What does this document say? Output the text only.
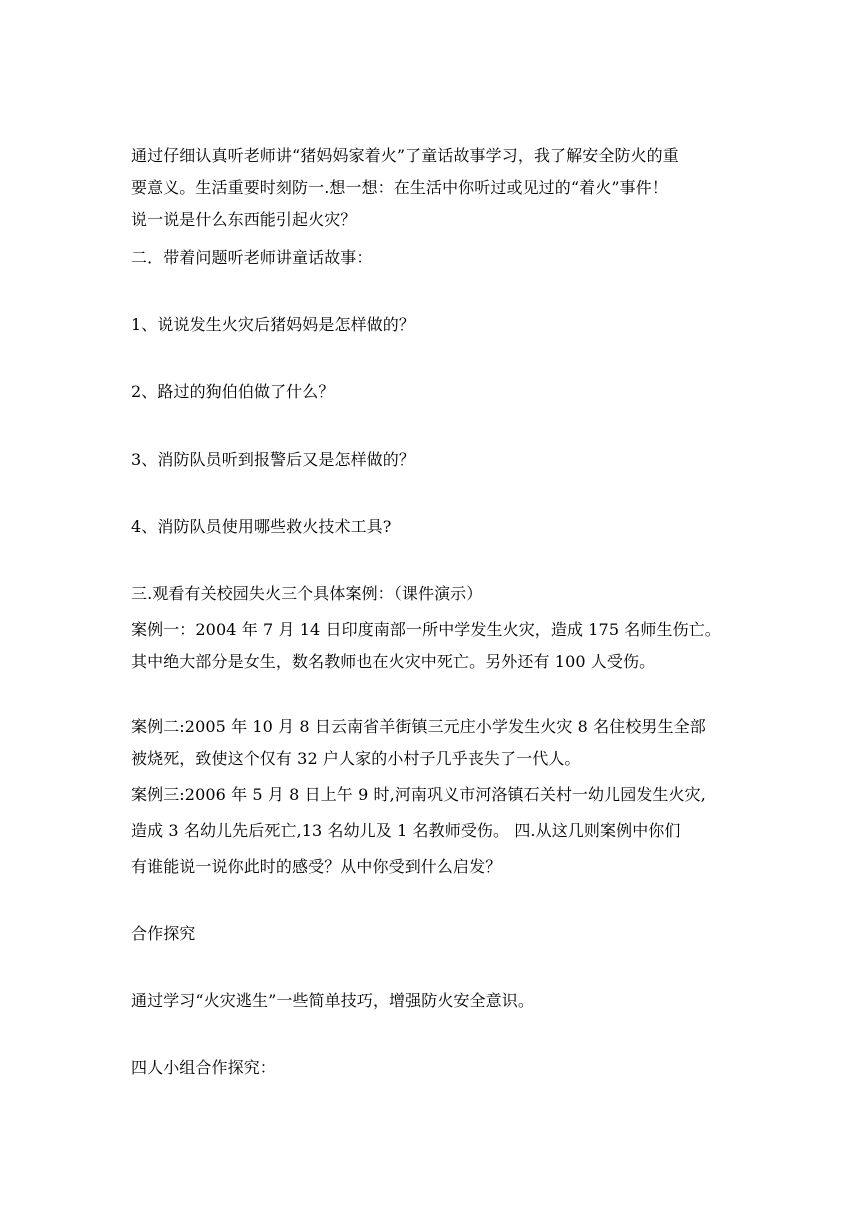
通过仔细认真听老师讲“猪妈妈家着火”了童话故事学习，我了解安全防火的重
要意义。生活重要时刻防一.想一想：在生活中你听过或见过的“着火”事件！
说一说是什么东西能引起火灾？
二．带着问题听老师讲童话故事：
1、说说发生火灾后猪妈妈是怎样做的？
2、路过的狗伯伯做了什么？
3、消防队员听到报警后又是怎样做的？
4、消防队员使用哪些救火技术工具?
三.观看有关校园失火三个具体案例：（课件演示）
案例一：2004 年 7 月 14 日印度南部一所中学发生火灾，造成 175 名师生伤亡。
其中绝大部分是女生，数名教师也在火灾中死亡。另外还有 100 人受伤。
案例二:2005 年 10 月 8 日云南省羊街镇三元庄小学发生火灾 8 名住校男生全部
被烧死，致使这个仅有 32 户人家的小村子几乎丧失了一代人。
案例三:2006 年 5 月 8 日上午 9 时,河南巩义市河洛镇石关村一幼儿园发生火灾,
造成 3 名幼儿先后死亡,13 名幼儿及 1 名教师受伤。 四.从这几则案例中你们
有谁能说一说你此时的感受？从中你受到什么启发？
合作探究
通过学习“火灾逃生”一些简单技巧，增强防火安全意识。
四人小组合作探究：
